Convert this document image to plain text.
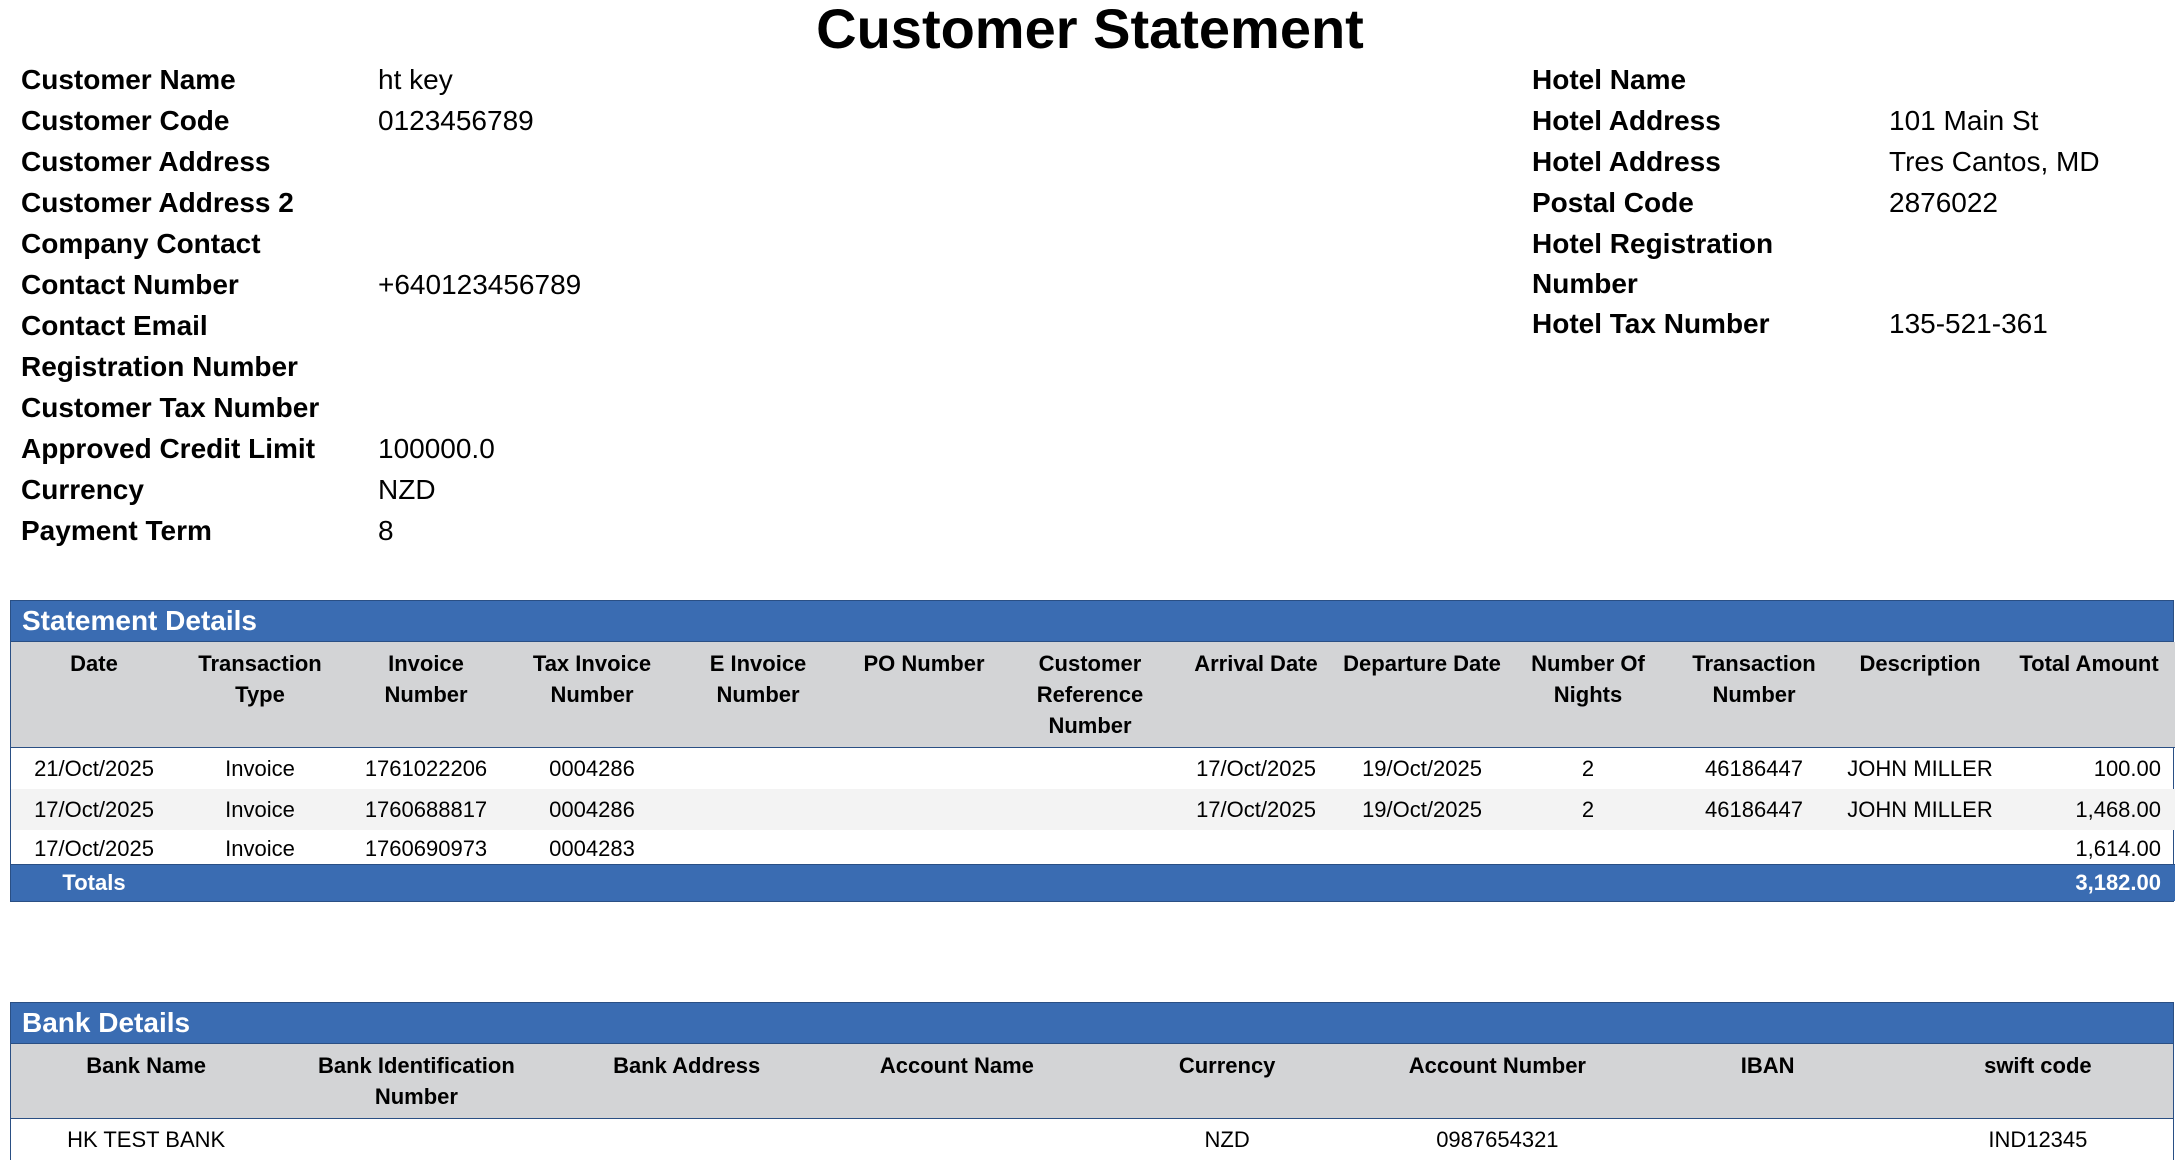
Customer Statement
Customer Name	ht key
Customer Code	0123456789
Customer Address
Customer Address 2
Company Contact
Contact Number	+640123456789
Contact Email
Registration Number
Customer Tax Number
Approved Credit Limit	100000.0
Currency	NZD
Payment Term	8
Hotel Name
Hotel Address	101 Main St
Hotel Address	Tres Cantos, MD
Postal Code	2876022
Hotel Registration Number
Hotel Tax Number	135-521-361
Statement Details
Date	Transaction Type	Invoice Number	Tax Invoice Number	E Invoice Number	PO Number	Customer Reference Number	Arrival Date	Departure Date	Number Of Nights	Transaction Number	Description	Total Amount
21/Oct/2025	Invoice	1761022206	0004286				17/Oct/2025	19/Oct/2025	2	46186447	JOHN MILLER	100.00
17/Oct/2025	Invoice	1760688817	0004286				17/Oct/2025	19/Oct/2025	2	46186447	JOHN MILLER	1,468.00
17/Oct/2025	Invoice	1760690973	0004283									1,614.00
Totals												3,182.00
Bank Details
Bank Name	Bank Identification Number	Bank Address	Account Name	Currency	Account Number	IBAN	swift code
HK TEST BANK				NZD	0987654321		IND12345
